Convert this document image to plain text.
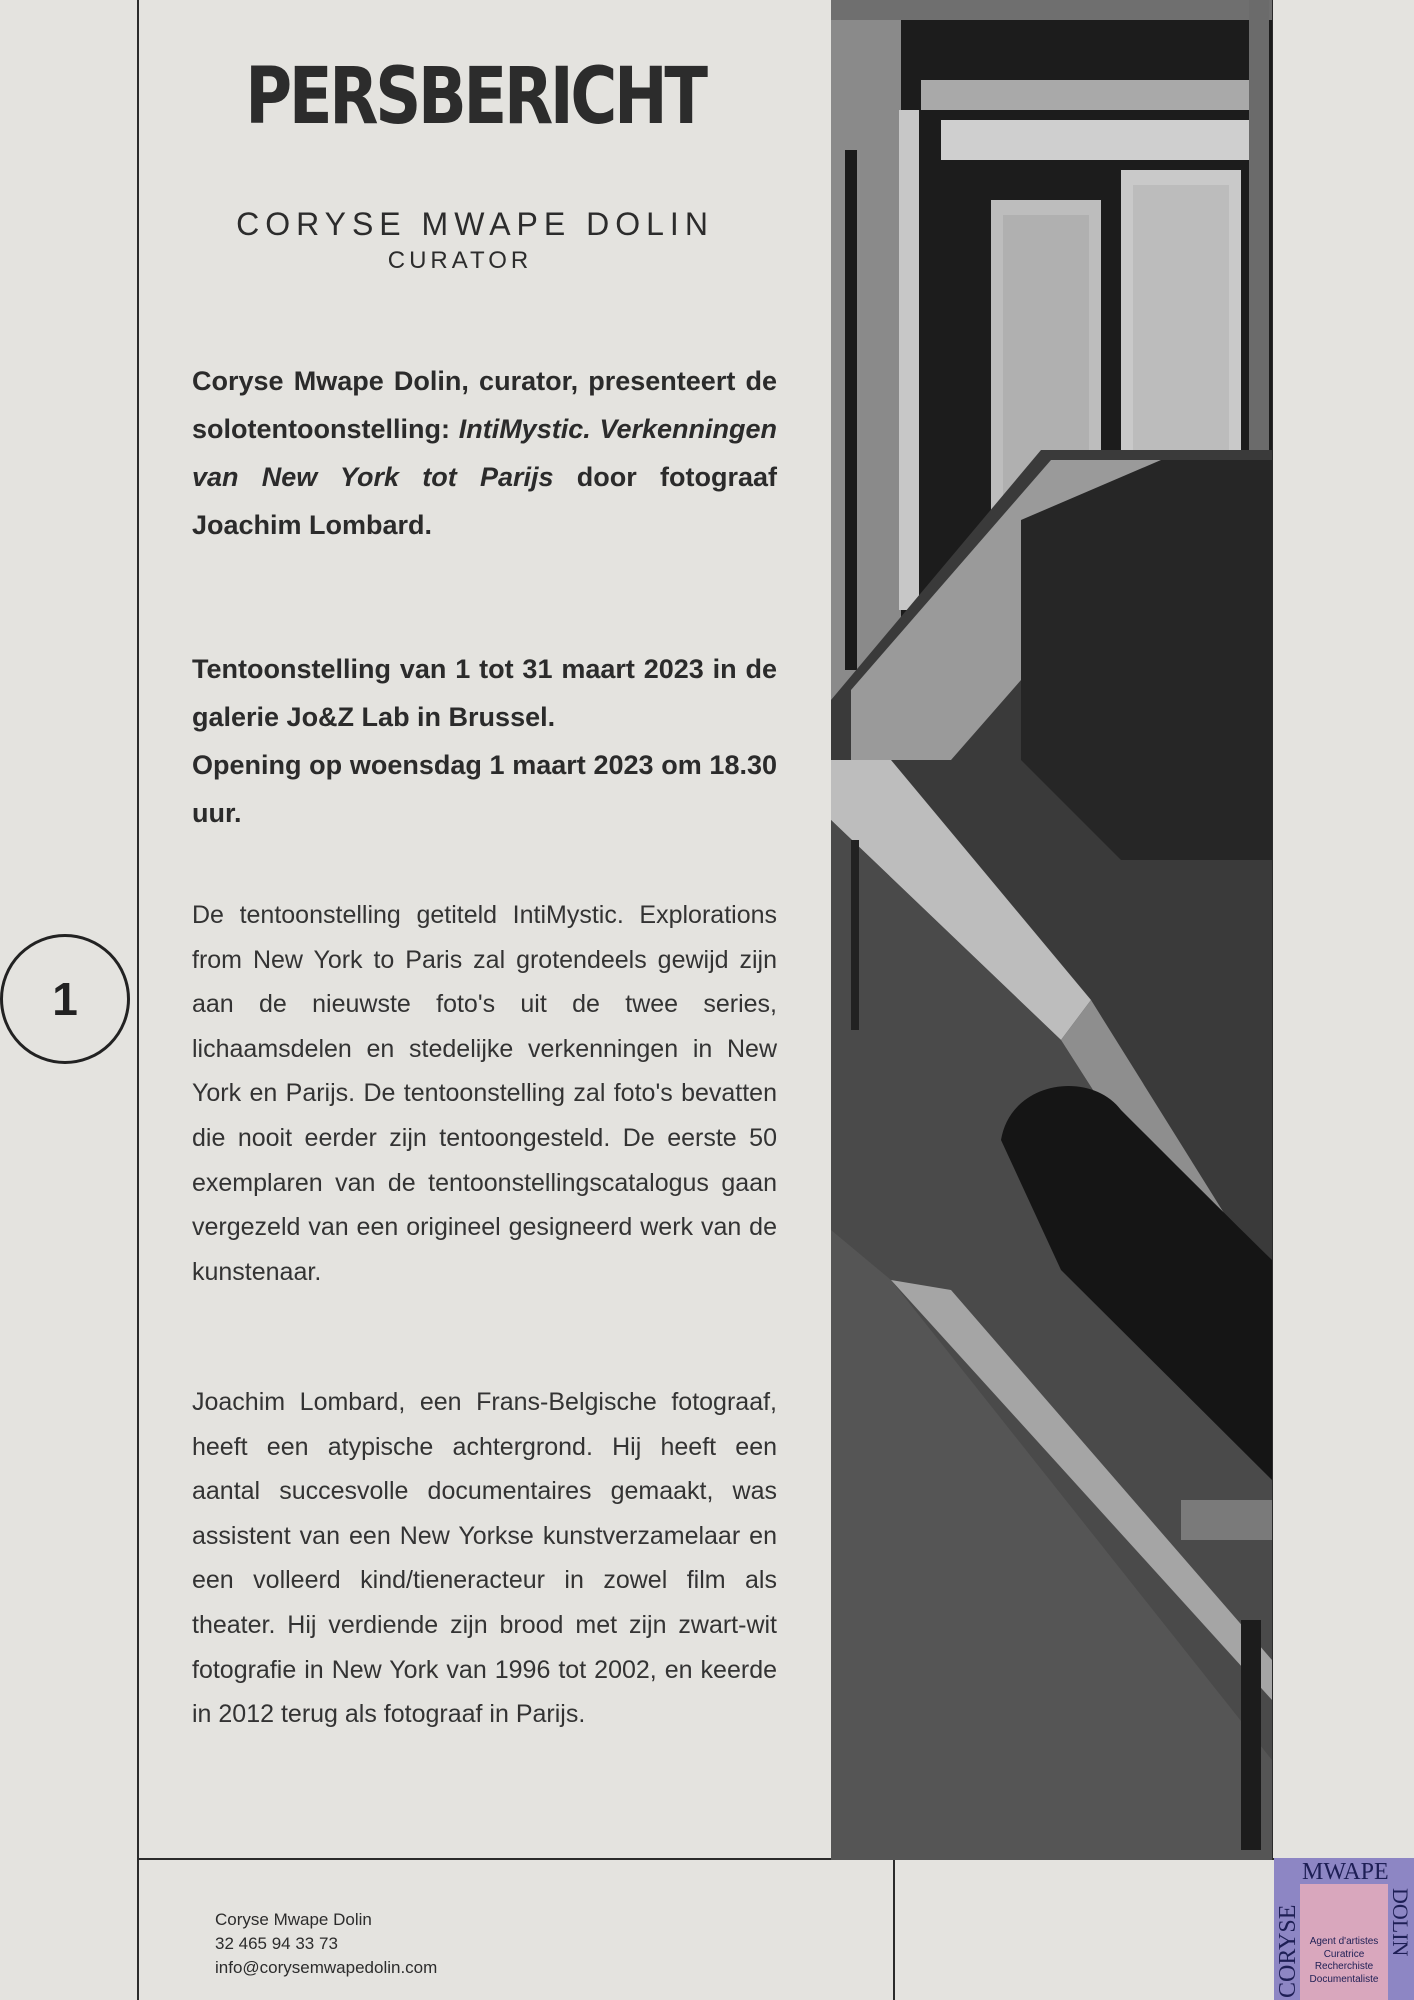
PERSBERICHT
CORYSE MWAPE DOLIN
CURATOR

Coryse Mwape Dolin, curator, presenteert de solotentoonstelling: IntiMystic. Verkenningen van New York tot Parijs door fotograaf Joachim Lombard.

Tentoonstelling van 1 tot 31 maart 2023 in de galerie Jo&Z Lab in Brussel.
Opening op woensdag 1 maart 2023 om 18.30 uur.

De tentoonstelling getiteld IntiMystic. Explorations from New York to Paris zal grotendeels gewijd zijn aan de nieuwste foto's uit de twee series, lichaamsdelen en stedelijke verkenningen in New York en Parijs. De tentoonstelling zal foto's bevatten die nooit eerder zijn tentoongesteld. De eerste 50 exemplaren van de tentoonstellingscatalogus gaan vergezeld van een origineel gesigneerd werk van de kunstenaar.

Joachim Lombard, een Frans-Belgische fotograaf, heeft een atypische achtergrond. Hij heeft een aantal succesvolle documentaires gemaakt, was assistent van een New Yorkse kunstverzamelaar en een volleerd kind/tieneracteur in zowel film als theater. Hij verdiende zijn brood met zijn zwart-wit fotografie in New York van 1996 tot 2002, en keerde in 2012 terug als fotograaf in Parijs.

1
Coryse Mwape Dolin
32 465 94 33 73
info@corysemwapedolin.com
MWAPE
CORYSE	DOLIN
Agent d'artistes
Curatrice
Recherchiste
Documentaliste
